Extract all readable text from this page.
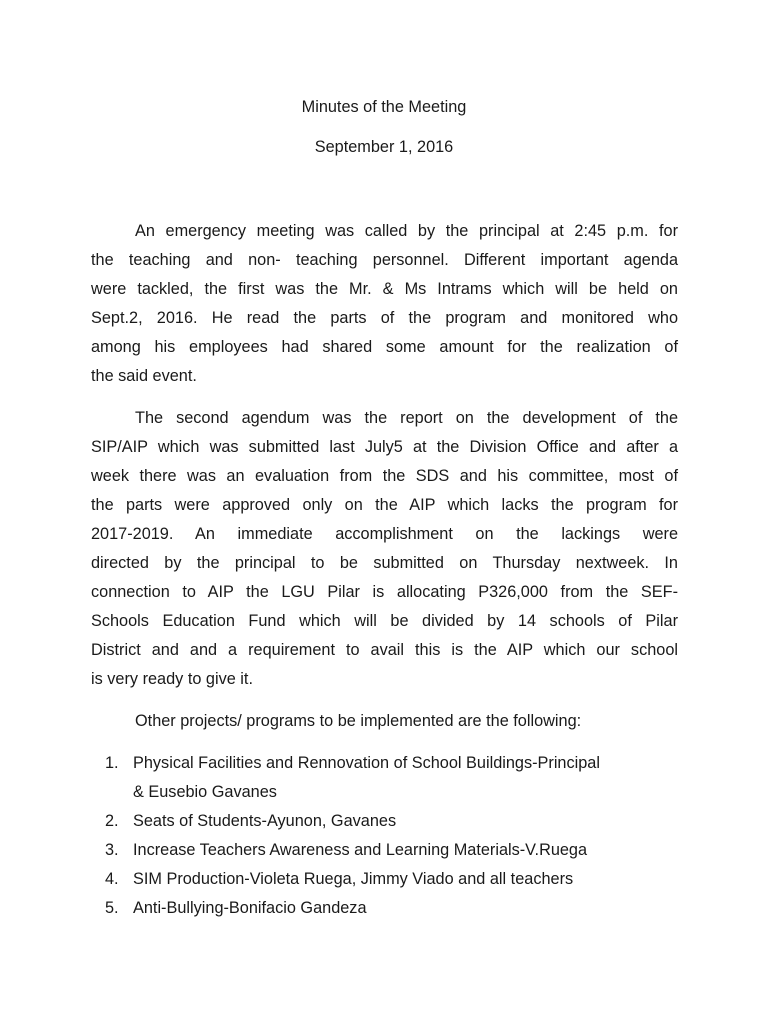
Minutes of the Meeting
September 1, 2016
An emergency meeting was called by the principal at 2:45 p.m. for
the teaching and non- teaching personnel. Different important agenda
were tackled, the first was the Mr. & Ms Intrams which will be held on
Sept.2, 2016. He read the parts of the program and monitored who
among his employees had shared some amount for the realization of
the said event.
The second agendum was the report on the development of the
SIP/AIP which was submitted last July5 at the Division Office and after a
week there was an evaluation from the SDS and his committee, most of
the parts were approved only on the AIP which lacks the program for
2017-2019. An immediate accomplishment on the lackings were
directed by the principal to be submitted on Thursday nextweek. In
connection to AIP the LGU Pilar is allocating P326,000 from the SEF-
Schools Education Fund which will be divided by 14 schools of Pilar
District and and a requirement to avail this is the AIP which our school
is very ready to give it.
Other projects/ programs to be implemented are the following:
1. Physical Facilities and Rennovation of School Buildings-Principal
& Eusebio Gavanes
2. Seats of Students-Ayunon, Gavanes
3. Increase Teachers Awareness and Learning Materials-V.Ruega
4. SIM Production-Violeta Ruega, Jimmy Viado and all teachers
5. Anti-Bullying-Bonifacio Gandeza
